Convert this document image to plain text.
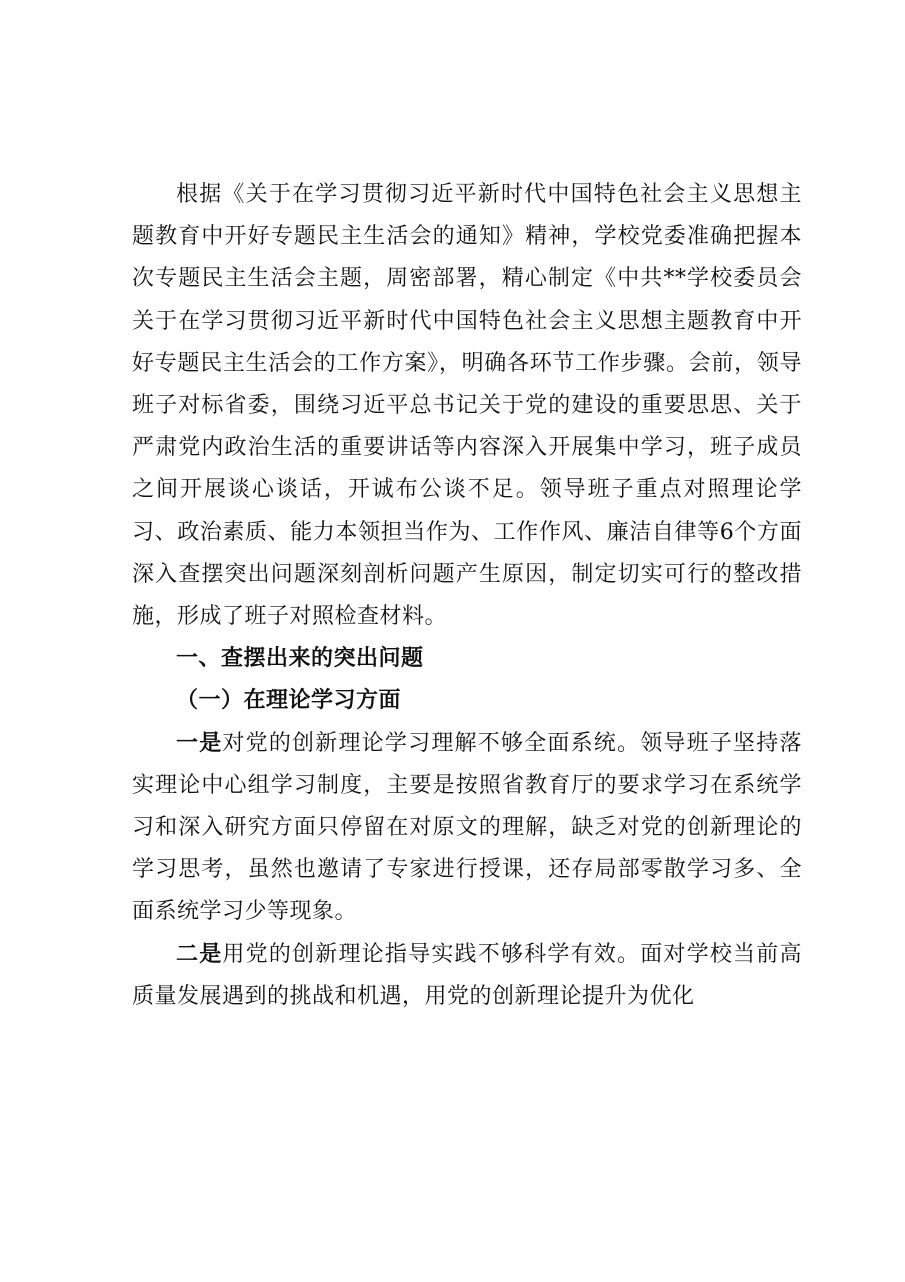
根据《关于在学习贯彻习近平新时代中国特色社会主义思想主题教育中开好专题民主生活会的通知》精神，学校党委准确把握本次专题民主生活会主题，周密部署，精心制定《中共**学校委员会关于在学习贯彻习近平新时代中国特色社会主义思想主题教育中开好专题民主生活会的工作方案》，明确各环节工作步骤。会前，领导班子对标省委，围绕习近平总书记关于党的建设的重要思思、关于严肃党内政治生活的重要讲话等内容深入开展集中学习，班子成员之间开展谈心谈话，开诚布公谈不足。领导班子重点对照理论学习、政治素质、能力本领担当作为、工作作风、廉洁自律等6个方面深入查摆突出问题深刻剖析问题产生原因，制定切实可行的整改措施，形成了班子对照检查材料。

一、查摆出来的突出问题

（一）在理论学习方面

一是对党的创新理论学习理解不够全面系统。领导班子坚持落实理论中心组学习制度，主要是按照省教育厅的要求学习在系统学习和深入研究方面只停留在对原文的理解，缺乏对党的创新理论的学习思考，虽然也邀请了专家进行授课，还存局部零散学习多、全面系统学习少等现象。

二是用党的创新理论指导实践不够科学有效。面对学校当前高质量发展遇到的挑战和机遇，用党的创新理论提升为优化
